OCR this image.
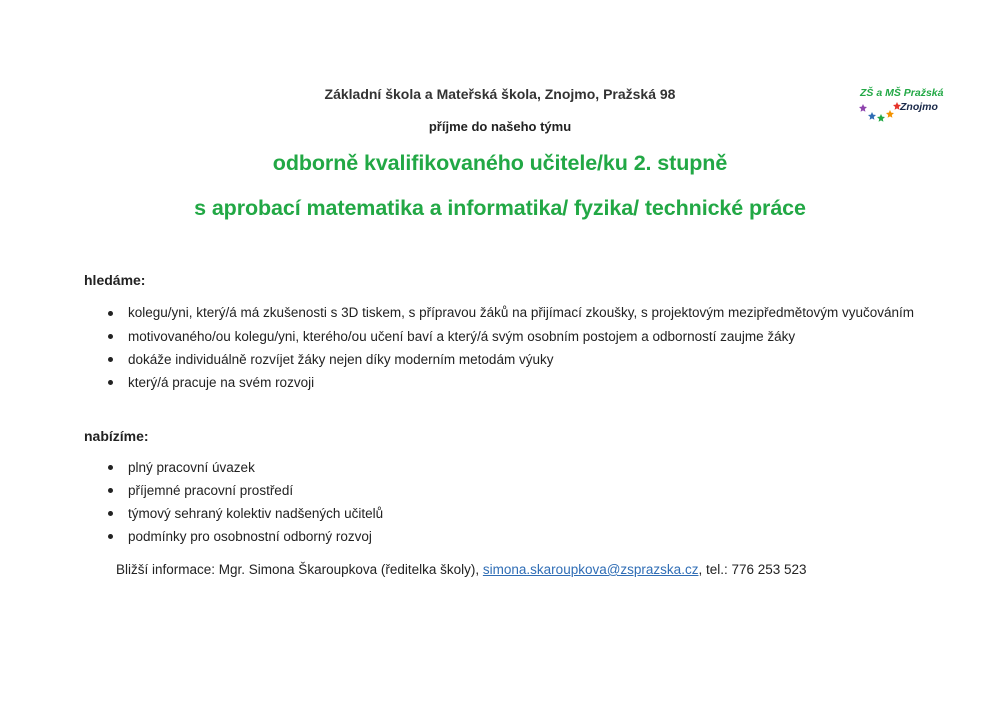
Základní škola a Mateřská škola, Znojmo, Pražská 98
příjme do našeho týmu
odborně kvalifikovaného učitele/ku 2. stupně
s aprobací matematika a informatika/ fyzika/ technické práce
ZŠ a MŠ Pražská
Znojmo
hledáme:
kolegu/yni, který/á má zkušenosti s 3D tiskem, s přípravou žáků na přijímací zkoušky, s projektovým mezipředmětovým vyučováním
motivovaného/ou kolegu/yni, kterého/ou učení baví a který/á svým osobním postojem a odborností zaujme žáky
dokáže individuálně rozvíjet žáky nejen díky moderním metodám výuky
který/á pracuje na svém rozvoji
nabízíme:
plný pracovní úvazek
příjemné pracovní prostředí
týmový sehraný kolektiv nadšených učitelů
podmínky pro osobnostní odborný rozvoj
Bližší informace: Mgr. Simona Škaroupkova (ředitelka školy), simona.skaroupkova@zsprazska.cz, tel.: 776 253 523
